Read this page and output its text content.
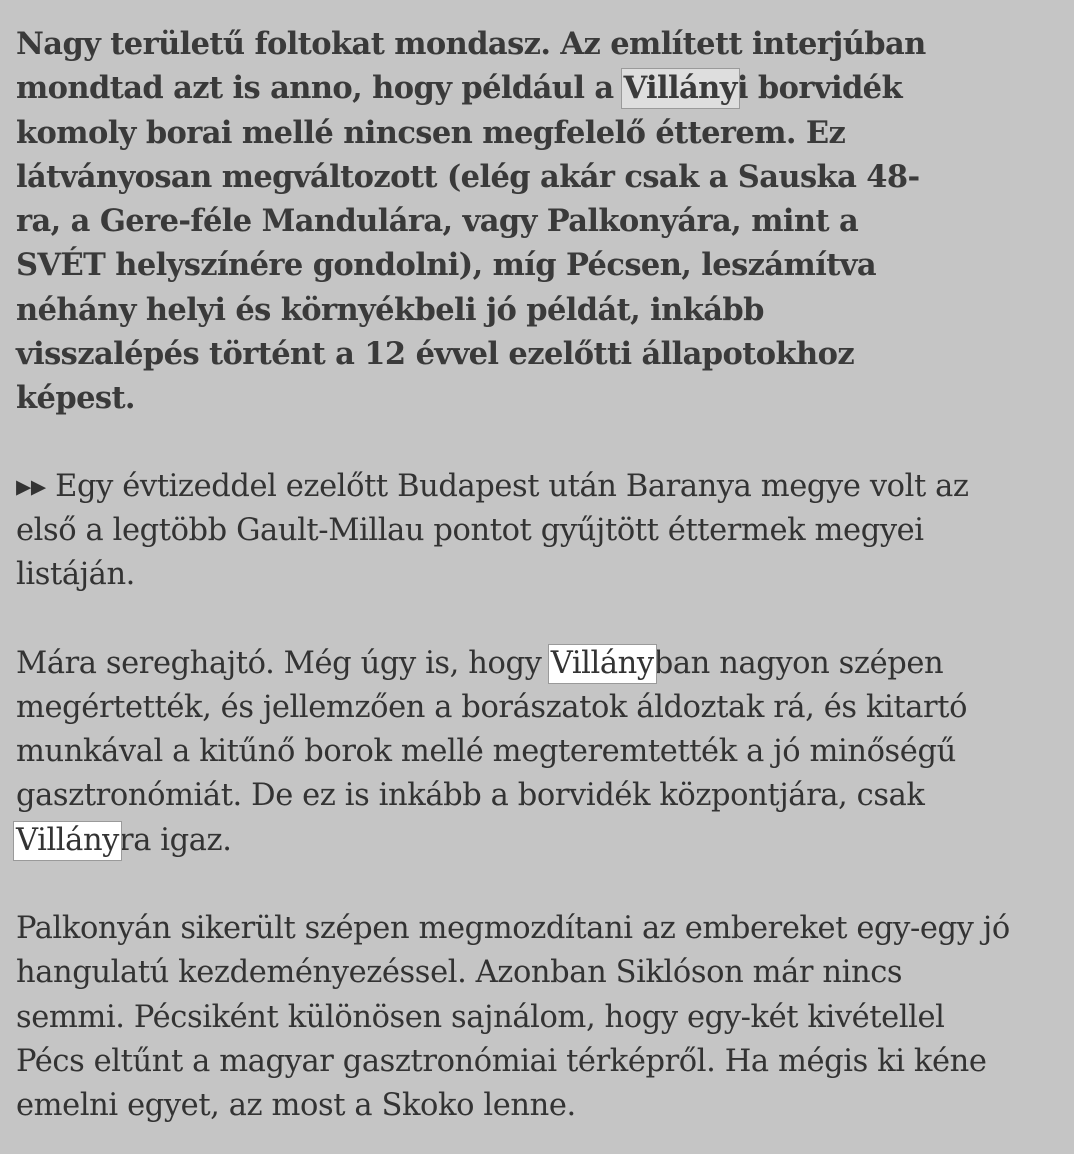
Nagy területű foltokat mondasz. Az említett interjúban
mondtad azt is anno, hogy például a Villányi borvidék
komoly borai mellé nincsen megfelelő étterem. Ez
látványosan megváltozott (elég akár csak a Sauska 48-
ra, a Gere-féle Mandulára, vagy Palkonyára, mint a
SVÉT helyszínére gondolni), míg Pécsen, leszámítva
néhány helyi és környékbeli jó példát, inkább
visszalépés történt a 12 évvel ezelőtti állapotokhoz
képest.

▸▸ Egy évtizeddel ezelőtt Budapest után Baranya megye volt az
első a legtöbb Gault-Millau pontot gyűjtött éttermek megyei
listáján.

Mára sereghajtó. Még úgy is, hogy Villányban nagyon szépen
megértették, és jellemzően a borászatok áldoztak rá, és kitartó
munkával a kitűnő borok mellé megteremtették a jó minőségű
gasztronómiát. De ez is inkább a borvidék központjára, csak
Villányra igaz.

Palkonyán sikerült szépen megmozdítani az embereket egy-egy jó
hangulatú kezdeményezéssel. Azonban Siklóson már nincs
semmi. Pécsiként különösen sajnálom, hogy egy-két kivétellel
Pécs eltűnt a magyar gasztronómiai térképről. Ha mégis ki kéne
emelni egyet, az most a Skoko lenne.
